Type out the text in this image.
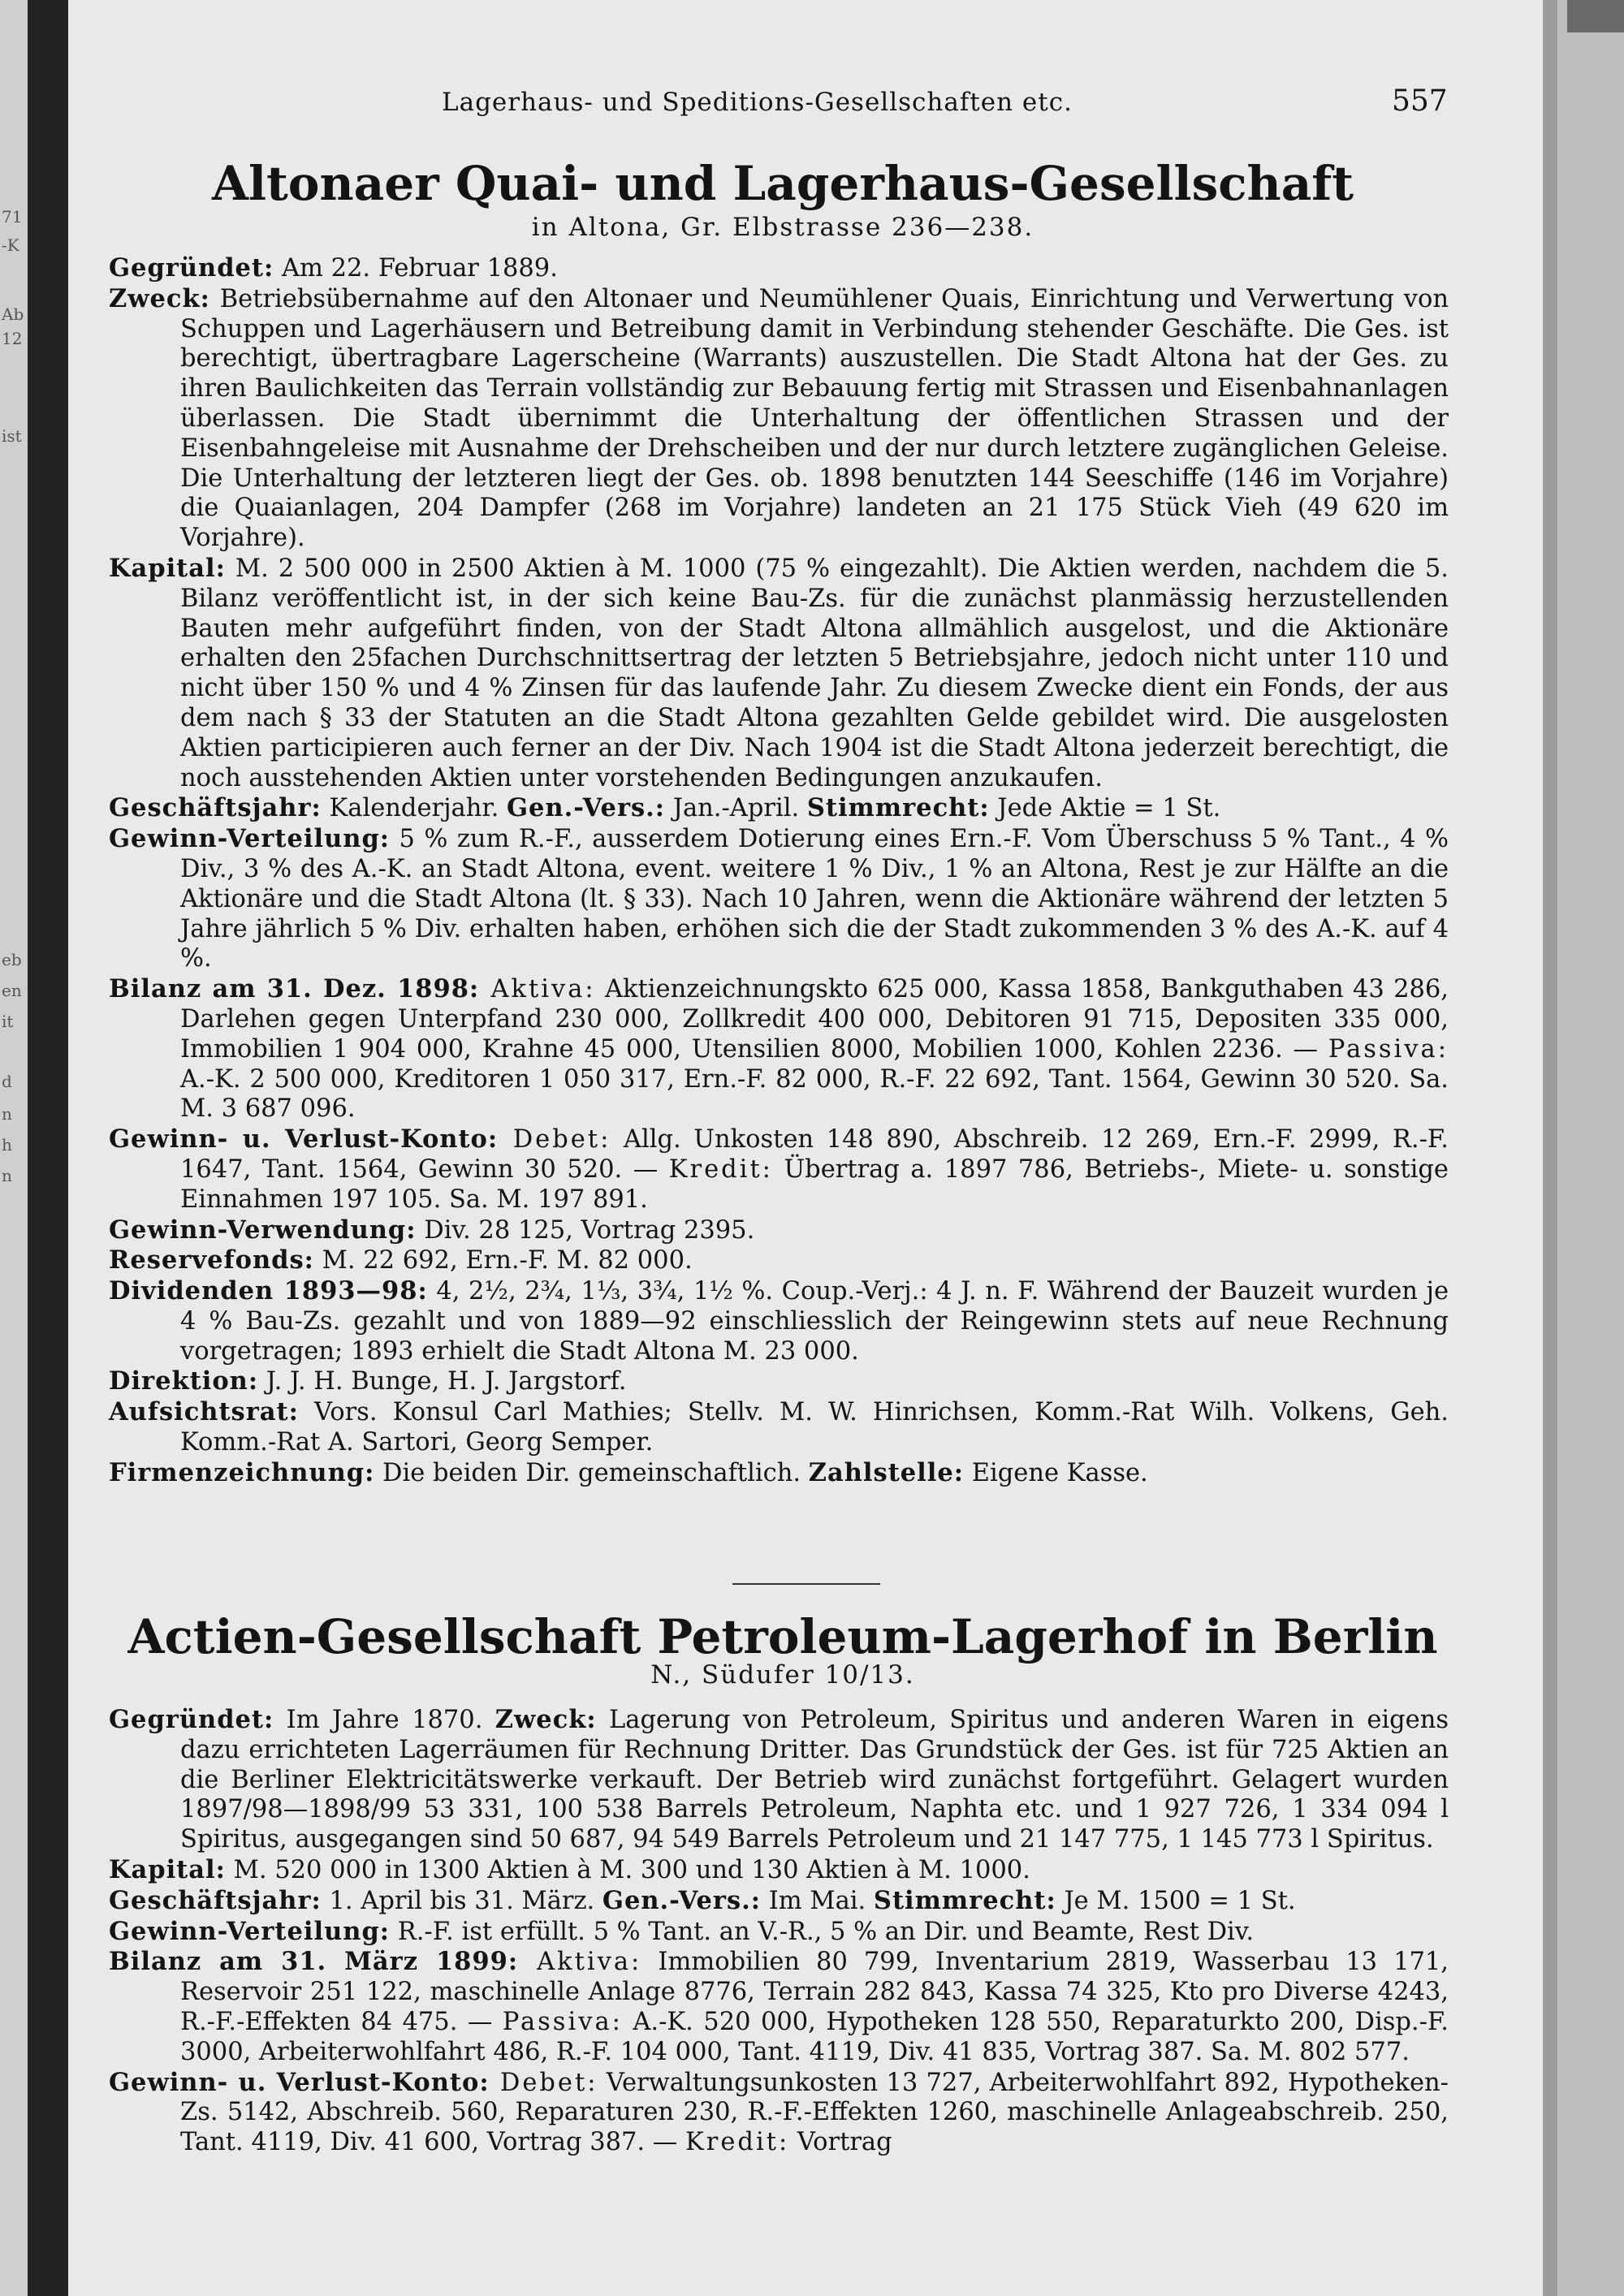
71
-K
Ab
12
ist
eb
en
it
d
n
h
n
Lagerhaus- und Speditions-Gesellschaften etc.	557
Altonaer Quai- und Lagerhaus-Gesellschaft
in Altona, Gr. Elbstrasse 236—238.
Gegründet: Am 22. Februar 1889.
Zweck: Betriebsübernahme auf den Altonaer und Neumühlener Quais, Einrichtung und Verwertung von Schuppen und Lagerhäusern und Betreibung damit in Verbindung stehender Geschäfte. Die Ges. ist berechtigt, übertragbare Lagerscheine (Warrants) auszustellen. Die Stadt Altona hat der Ges. zu ihren Baulichkeiten das Terrain vollständig zur Bebauung fertig mit Strassen und Eisenbahnanlagen überlassen. Die Stadt übernimmt die Unterhaltung der öffentlichen Strassen und der Eisenbahngeleise mit Ausnahme der Drehscheiben und der nur durch letztere zugänglichen Geleise. Die Unterhaltung der letzteren liegt der Ges. ob. 1898 benutzten 144 Seeschiffe (146 im Vorjahre) die Quaianlagen, 204 Dampfer (268 im Vorjahre) landeten an 21 175 Stück Vieh (49 620 im Vorjahre).
Kapital: M. 2 500 000 in 2500 Aktien à M. 1000 (75 % eingezahlt). Die Aktien werden, nachdem die 5. Bilanz veröffentlicht ist, in der sich keine Bau-Zs. für die zunächst planmässig herzustellenden Bauten mehr aufgeführt finden, von der Stadt Altona allmählich ausgelost, und die Aktionäre erhalten den 25fachen Durchschnittsertrag der letzten 5 Betriebsjahre, jedoch nicht unter 110 und nicht über 150 % und 4 % Zinsen für das laufende Jahr. Zu diesem Zwecke dient ein Fonds, der aus dem nach § 33 der Statuten an die Stadt Altona gezahlten Gelde gebildet wird. Die ausgelosten Aktien participieren auch ferner an der Div. Nach 1904 ist die Stadt Altona jederzeit berechtigt, die noch ausstehenden Aktien unter vorstehenden Bedingungen anzukaufen.
Geschäftsjahr: Kalenderjahr. Gen.-Vers.: Jan.-April. Stimmrecht: Jede Aktie = 1 St.
Gewinn-Verteilung: 5 % zum R.-F., ausserdem Dotierung eines Ern.-F. Vom Überschuss 5 % Tant., 4 % Div., 3 % des A.-K. an Stadt Altona, event. weitere 1 % Div., 1 % an Altona, Rest je zur Hälfte an die Aktionäre und die Stadt Altona (lt. § 33). Nach 10 Jahren, wenn die Aktionäre während der letzten 5 Jahre jährlich 5 % Div. erhalten haben, erhöhen sich die der Stadt zukommenden 3 % des A.-K. auf 4 %.
Bilanz am 31. Dez. 1898: Aktiva: Aktienzeichnungskto 625 000, Kassa 1858, Bankguthaben 43 286, Darlehen gegen Unterpfand 230 000, Zollkredit 400 000, Debitoren 91 715, Depositen 335 000, Immobilien 1 904 000, Krahne 45 000, Utensilien 8000, Mobilien 1000, Kohlen 2236. — Passiva: A.-K. 2 500 000, Kreditoren 1 050 317, Ern.-F. 82 000, R.-F. 22 692, Tant. 1564, Gewinn 30 520. Sa. M. 3 687 096.
Gewinn- u. Verlust-Konto: Debet: Allg. Unkosten 148 890, Abschreib. 12 269, Ern.-F. 2999, R.-F. 1647, Tant. 1564, Gewinn 30 520. — Kredit: Übertrag a. 1897 786, Betriebs-, Miete- u. sonstige Einnahmen 197 105. Sa. M. 197 891.
Gewinn-Verwendung: Div. 28 125, Vortrag 2395.
Reservefonds: M. 22 692, Ern.-F. M. 82 000.
Dividenden 1893—98: 4, 2½, 2¾, 1⅓, 3¾, 1½ %. Coup.-Verj.: 4 J. n. F. Während der Bauzeit wurden je 4 % Bau-Zs. gezahlt und von 1889—92 einschliesslich der Reingewinn stets auf neue Rechnung vorgetragen; 1893 erhielt die Stadt Altona M. 23 000.
Direktion: J. J. H. Bunge, H. J. Jargstorf.
Aufsichtsrat: Vors. Konsul Carl Mathies; Stellv. M. W. Hinrichsen, Komm.-Rat Wilh. Volkens, Geh. Komm.-Rat A. Sartori, Georg Semper.
Firmenzeichnung: Die beiden Dir. gemeinschaftlich. Zahlstelle: Eigene Kasse.
Actien-Gesellschaft Petroleum-Lagerhof in Berlin
N., Südufer 10/13.
Gegründet: Im Jahre 1870. Zweck: Lagerung von Petroleum, Spiritus und anderen Waren in eigens dazu errichteten Lagerräumen für Rechnung Dritter. Das Grundstück der Ges. ist für 725 Aktien an die Berliner Elektricitätswerke verkauft. Der Betrieb wird zunächst fortgeführt. Gelagert wurden 1897/98—1898/99 53 331, 100 538 Barrels Petroleum, Naphta etc. und 1 927 726, 1 334 094 l Spiritus, ausgegangen sind 50 687, 94 549 Barrels Petroleum und 21 147 775, 1 145 773 l Spiritus.
Kapital: M. 520 000 in 1300 Aktien à M. 300 und 130 Aktien à M. 1000.
Geschäftsjahr: 1. April bis 31. März. Gen.-Vers.: Im Mai. Stimmrecht: Je M. 1500 = 1 St.
Gewinn-Verteilung: R.-F. ist erfüllt. 5 % Tant. an V.-R., 5 % an Dir. und Beamte, Rest Div.
Bilanz am 31. März 1899: Aktiva: Immobilien 80 799, Inventarium 2819, Wasserbau 13 171, Reservoir 251 122, maschinelle Anlage 8776, Terrain 282 843, Kassa 74 325, Kto pro Diverse 4243, R.-F.-Effekten 84 475. — Passiva: A.-K. 520 000, Hypotheken 128 550, Reparaturkto 200, Disp.-F. 3000, Arbeiterwohlfahrt 486, R.-F. 104 000, Tant. 4119, Div. 41 835, Vortrag 387. Sa. M. 802 577.
Gewinn- u. Verlust-Konto: Debet: Verwaltungsunkosten 13 727, Arbeiterwohlfahrt 892, Hypotheken-Zs. 5142, Abschreib. 560, Reparaturen 230, R.-F.-Effekten 1260, maschinelle Anlageabschreib. 250, Tant. 4119, Div. 41 600, Vortrag 387. — Kredit: Vortrag
